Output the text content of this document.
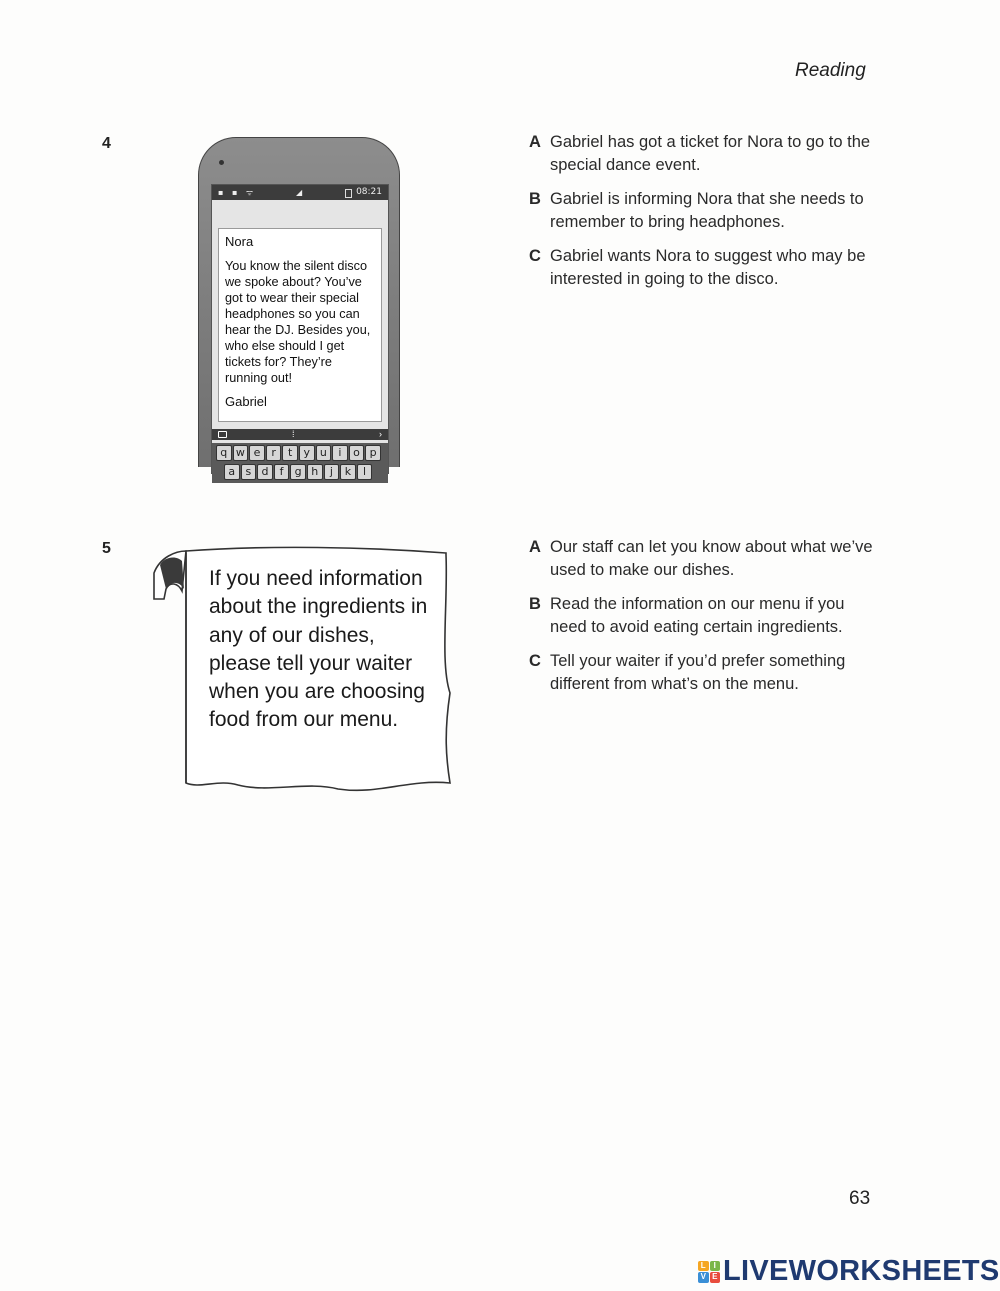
Reading
4
▪ ▪ ᯤ	◢	08:21
Nora
You know the silent disco we spoke about? You’ve got to wear their special headphones so you can hear the DJ. Besides you, who else should I get tickets for? They’re running out!
Gabriel
⁞	›
q w e r	t	y u	i	o p
a s d	f	g h	j	k	l
A Gabriel has got a ticket for Nora to go to the special dance event.
B Gabriel is informing Nora that she needs to remember to bring headphones.
C Gabriel wants Nora to suggest who may be interested in going to the disco.
5
If you need information about the ingredients in any of our dishes, please tell your waiter when you are choosing food from our menu.
A Our staff can let you know about what we’ve used to make our dishes.
B Read the information on our menu if you need to avoid eating certain ingredients.
C Tell your waiter if you’d prefer something different from what’s on the menu.
63
L I
V E LIVEWORKSHEETS
